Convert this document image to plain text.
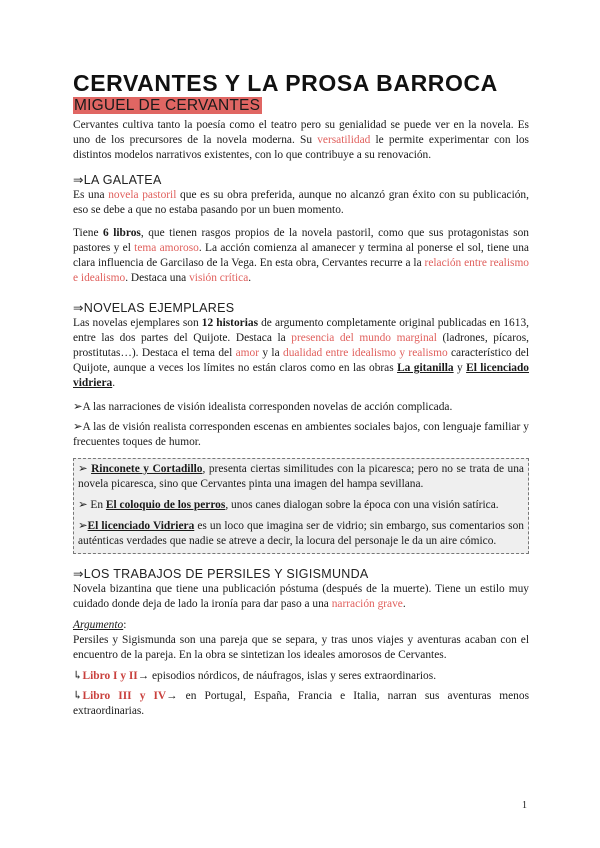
CERVANTES Y LA PROSA BARROCA
MIGUEL DE CERVANTES

Cervantes cultiva tanto la poesía como el teatro pero su genialidad se puede ver en la novela. Es uno de los precursores de la novela moderna. Su versatilidad le permite experimentar con los distintos modelos narrativos existentes, con lo que contribuye a su renovación.

⇒LA GALATEA

Es una novela pastoril que es su obra preferida, aunque no alcanzó gran éxito con su publicación, eso se debe a que no estaba pasando por un buen momento.

Tiene 6 libros, que tienen rasgos propios de la novela pastoril, como que sus protagonistas son pastores y el tema amoroso. La acción comienza al amanecer y termina al ponerse el sol, tiene una clara influencia de Garcilaso de la Vega. En esta obra, Cervantes recurre a la relación entre realismo e idealismo. Destaca una visión crítica.

⇒NOVELAS EJEMPLARES

Las novelas ejemplares son 12 historias de argumento completamente original publicadas en 1613, entre las dos partes del Quijote. Destaca la presencia del mundo marginal (ladrones, pícaros, prostitutas…). Destaca el tema del amor y la dualidad entre idealismo y realismo característico del Quijote, aunque a veces los límites no están claros como en las obras La gitanilla y El licenciado vidriera.

➢A las narraciones de visión idealista corresponden novelas de acción complicada.

➢A las de visión realista corresponden escenas en ambientes sociales bajos, con lenguaje familiar y frecuentes toques de humor.

➢ Rinconete y Cortadillo, presenta ciertas similitudes con la picaresca; pero no se trata de una novela picaresca, sino que Cervantes pinta una imagen del hampa sevillana.

➢ En El coloquio de los perros, unos canes dialogan sobre la época con una visión satírica.

➢El licenciado Vidriera es un loco que imagina ser de vidrio; sin embargo, sus comentarios son auténticas verdades que nadie se atreve a decir, la locura del personaje le da un aire cómico.

⇒LOS TRABAJOS DE PERSILES Y SIGISMUNDA

Novela bizantina que tiene una publicación póstuma (después de la muerte). Tiene un estilo muy cuidado donde deja de lado la ironía para dar paso a una narración grave.

Argumento:

Persiles y Sigismunda son una pareja que se separa, y tras unos viajes y aventuras acaban con el encuentro de la pareja. En la obra se sintetizan los ideales amorosos de Cervantes.

↳Libro I y II→ episodios nórdicos, de náufragos, islas y seres extraordinarios.

↳Libro III y IV→ en Portugal, España, Francia e Italia, narran sus aventuras menos extraordinarias.

1
